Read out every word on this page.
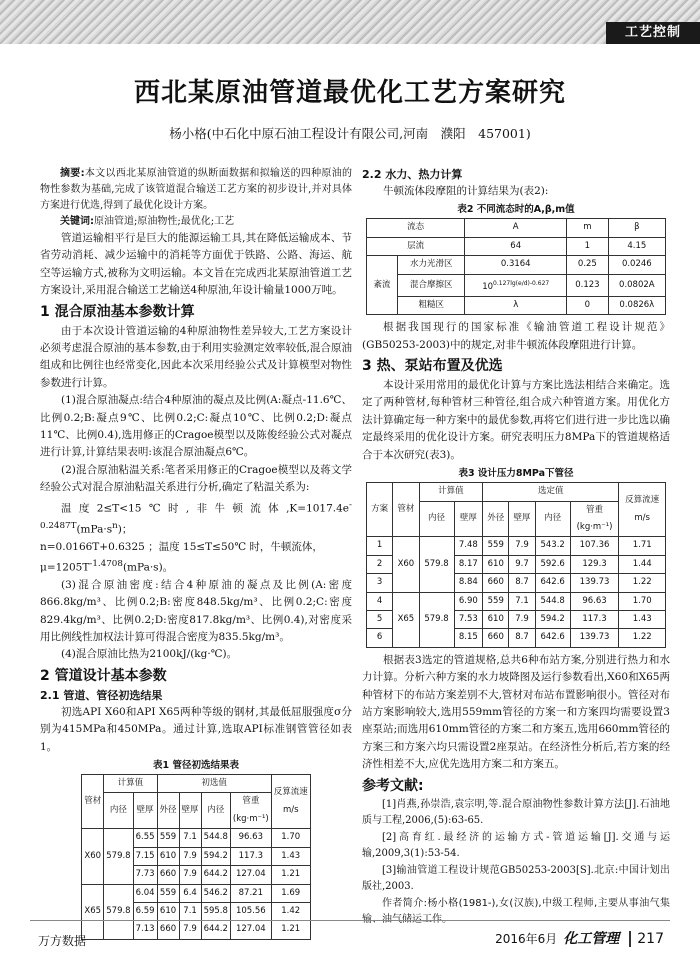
工艺控制
西北某原油管道最优化工艺方案研究
杨小格(中石化中原石油工程设计有限公司,河南　濮阳　457001)

摘要:本文以西北某原油管道的纵断面数据和拟输送的四种原油的物性参数为基础,完成了该管道混合输送工艺方案的初步设计,并对具体方案进行优选,得到了最优化设计方案。

关键词:原油管道;原油物性;最优化;工艺

管道运输相平行是巨大的能源运输工具,其在降低运输成本、节省劳动消耗、减少运输中的消耗等方面优于铁路、公路、海运、航空等运输方式,被称为文明运输。本文旨在完成西北某原油管道工艺方案设计,采用混合输送工艺输送4种原油,年设计输量1000万吨。

1 混合原油基本参数计算

由于本次设计管道运输的4种原油物性差异较大,工艺方案设计必须考虑混合原油的基本参数,由于利用实验测定效率较低,混合原油组成和比例往也经常变化,因此本次采用经验公式及计算模型对物性参数进行计算。

(1)混合原油凝点:结合4种原油的凝点及比例(A:凝点-11.6℃、比例0.2;B:凝点9℃、比例0.2;C:凝点10℃、比例0.2;D:凝点11℃、比例0.4),选用修正的Cragoe模型以及陈俊经验公式对凝点进行计算,计算结果表明:该混合原油凝点6℃。

(2)混合原油粘温关系:笔者采用修正的Cragoe模型以及蒋文学经验公式对混合原油粘温关系进行分析,确定了粘温关系为:

温度2≤T<15℃时,非牛顿流体$,K=1017.4e^{-0.2487T}(mPa\cdot s^n)$；

n=0.0166T+0.6325 ；温度 15≤T≤50℃ 时，牛顿流体，

$\mu=1205T^{-1.4708}(mPa\cdot s)$。

(3)混合原油密度:结合4种原油的凝点及比例(A:密度866.8kg/m³、比例0.2;B:密度848.5kg/m³、比例0.2;C:密度829.4kg/m³、比例0.2;D:密度817.8kg/m³、比例0.4),对密度采用比例线性加权法计算可得混合密度为835.5kg/m³。

(4)混合原油比热为2100kJ/(kg·℃)。

2 管道设计基本参数
2.1 管道、管径初选结果

初选API X60和API X65两种等级的钢材,其最低屈服强度σ分别为415MPa和450MPa。通过计算,选取API标准钢管管径如表1。

表1 管径初选结果表
管材	计算值		初选值				反算流速
m/s
	内径	壁厚	外径	壁厚	内径	管重
(kg·m⁻¹)	
X60	579.8	6.55	559	7.1	544.8	96.63	1.70
		7.15	610	7.9	594.2	117.3	1.43
		7.73	660	7.9	644.2	127.04	1.21
X65	579.8	6.04	559	6.4	546.2	87.21	1.69
		6.59	610	7.1	595.8	105.56	1.42
		7.13	660	7.9	644.2	127.04	1.21
2.2 水力、热力计算

牛顿流体段摩阻的计算结果为(表2):

表2 不同流态时的A,β,m值
流态		A	m	β
层流		64	1	4.15
紊流	水力光滑区	0.3164	0.25	0.0246
	混合摩擦区	$10^{0.127lg(e/d)-0.627}$	0.123	0.0802A
	粗糙区	λ	0	0.0826λ

根据我国现行的国家标准《输油管道工程设计规范》(GB50253-2003)中的规定,对非牛顿流体段摩阻进行计算。

3 热、泵站布置及优选

本设计采用常用的最优化计算与方案比选法相结合来确定。选定了两种管材,每种管材三种管径,组合成六种管道方案。用优化方法计算确定每一种方案中的最优参数,再将它们进行进一步比选以确定最终采用的优化设计方案。研究表明压力8MPa下的管道规格适合于本次研究(表3)。

表3 设计压力8MPa下管径
方案	管材	计算值		选定值				反算流速
m/s
		内径	壁厚	外径	壁厚	内径	管重
(kg·m⁻¹)	
1	X60	579.8	7.48	559	7.9	543.2	107.36	1.71
2			8.17	610	9.7	592.6	129.3	1.44
3			8.84	660	8.7	642.6	139.73	1.22
4	X65	579.8	6.90	559	7.1	544.8	96.63	1.70
5			7.53	610	7.9	594.2	117.3	1.43
6			8.15	660	8.7	642.6	139.73	1.22

根据表3选定的管道规格,总共6种布站方案,分别进行热力和水力计算。分析六种方案的水力坡降图及运行参数看出,X60和X65两种管材下的布站方案差别不大,管材对布站布置影响很小。管径对布站方案影响较大,选用559mm管径的方案一和方案四均需要设置3座泵站;而选用610mm管径的方案二和方案五,选用660mm管径的方案三和方案六均只需设置2座泵站。在经济性分析后,若方案的经济性相差不大,应优先选用方案二和方案五。

参考文献:

[1]肖燕,孙崇浩,袁宗明,等.混合原油物性参数计算方法[J].石油地质与工程,2006,(5):63-65.

[2]高育红.最经济的运输方式-管道运输[J].交通与运输,2009,3(1):53-54.

[3]输油管道工程设计规范GB50253-2003[S].北京:中国计划出版社,2003.

作者简介:杨小格(1981-),女(汉族),中级工程师,主要从事油气集输、油气储运工作。

万方数据	2016年6月 化工管理 217
